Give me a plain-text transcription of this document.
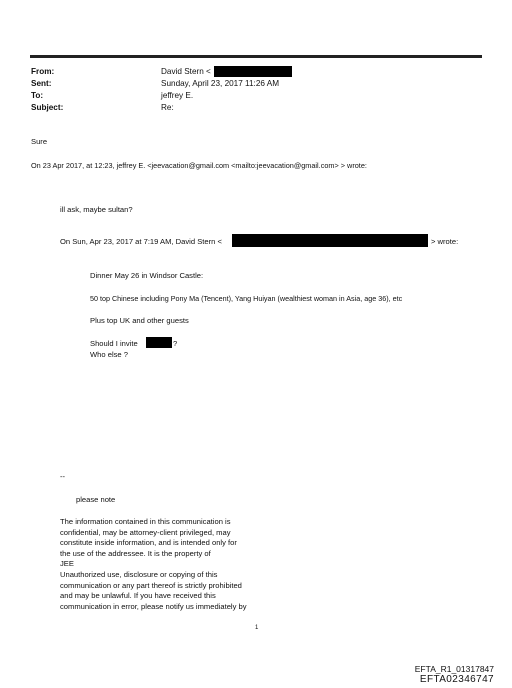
From:	David Stern <
Sent:	Sunday, April 23, 2017 11:26 AM
To:	jeffrey E.
Subject:	Re:
Sure
On 23 Apr 2017, at 12:23, jeffrey E. <jeevacation@gmail.com <mailto:jeevacation@gmail.com> > wrote:
ill ask, maybe sultan?
On Sun, Apr 23, 2017 at 7:19 AM, David Stern <	> wrote:
Dinner May 26 in Windsor Castle:
50 top Chinese including Pony Ma (Tencent), Yang Huiyan (wealthiest woman in Asia, age 36), etc
Plus top UK and other guests
Should I invite	?
Who else ?
--
please note
The information contained in this communication is
confidential, may be attorney-client privileged, may
constitute inside information, and is intended only for
the use of the addressee. It is the property of
JEE
Unauthorized use, disclosure or copying of this
communication or any part thereof is strictly prohibited
and may be unlawful. If you have received this
communication in error, please notify us immediately by
1
EFTA_R1_01317847
EFTA02346747
